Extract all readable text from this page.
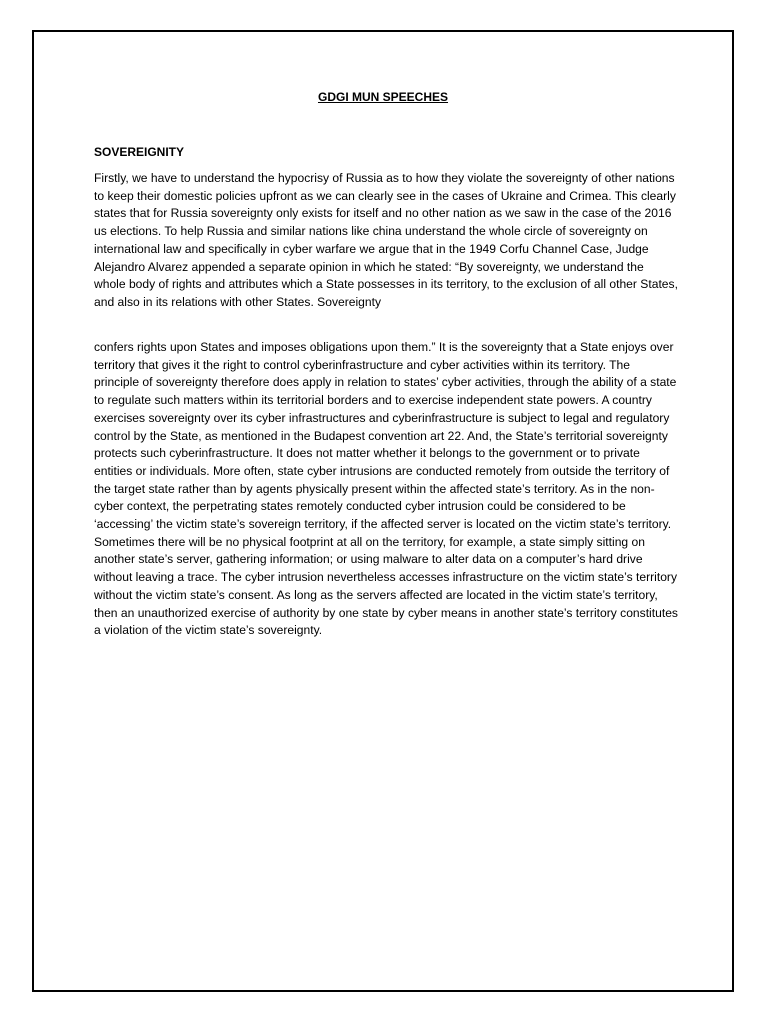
GDGI MUN SPEECHES
SOVEREIGNITY

Firstly, we have to understand the hypocrisy of Russia as to how they violate the sovereignty of other nations to keep their domestic policies upfront as we can clearly see in the cases of Ukraine and Crimea. This clearly states that for Russia sovereignty only exists for itself and no other nation as we saw in the case of the 2016 us elections. To help Russia and similar nations like china understand the whole circle of sovereignty on international law and specifically in cyber warfare we argue that in the 1949 Corfu Channel Case, Judge Alejandro Alvarez appended a separate opinion in which he stated: “By sovereignty, we understand the whole body of rights and attributes which a State possesses in its territory, to the exclusion of all other States, and also in its relations with other States. Sovereignty

confers rights upon States and imposes obligations upon them.” It is the sovereignty that a State enjoys over territory that gives it the right to control cyberinfrastructure and cyber activities within its territory. The principle of sovereignty therefore does apply in relation to states’ cyber activities, through the ability of a state to regulate such matters within its territorial borders and to exercise independent state powers. A country exercises sovereignty over its cyber infrastructures and cyberinfrastructure is subject to legal and regulatory control by the State, as mentioned in the Budapest convention art 22. And, the State’s territorial sovereignty protects such cyberinfrastructure. It does not matter whether it belongs to the government or to private entities or individuals. More often, state cyber intrusions are conducted remotely from outside the territory of the target state rather than by agents physically present within the affected state’s territory. As in the non-cyber context, the perpetrating states remotely conducted cyber intrusion could be considered to be ‘accessing’ the victim state’s sovereign territory, if the affected server is located on the victim state’s territory. Sometimes there will be no physical footprint at all on the territory, for example, a state simply sitting on another state’s server, gathering information; or using malware to alter data on a computer’s hard drive without leaving a trace. The cyber intrusion nevertheless accesses infrastructure on the victim state’s territory without the victim state’s consent. As long as the servers affected are located in the victim state’s territory, then an unauthorized exercise of authority by one state by cyber means in another state’s territory constitutes a violation of the victim state’s sovereignty.
